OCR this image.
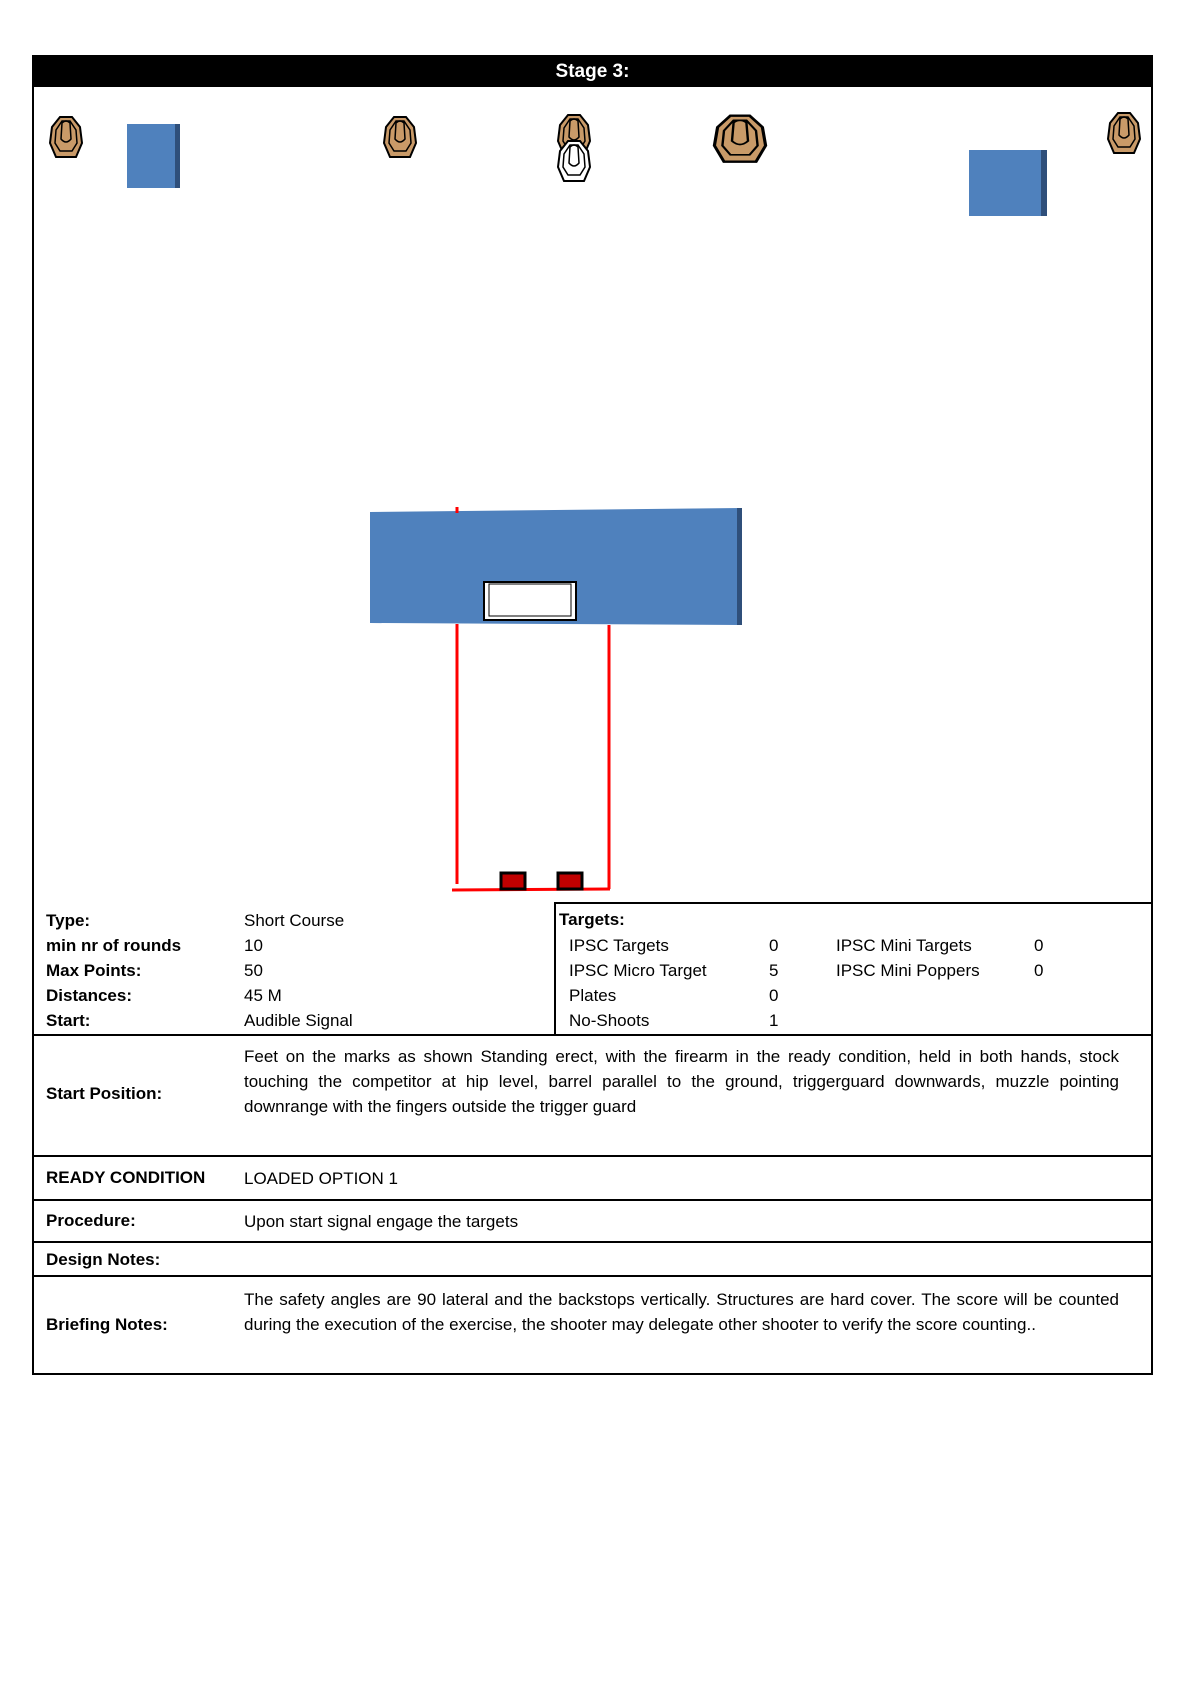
Stage 3:
Type:	Short Course
min nr of rounds	10
Max Points:	50
Distances:	45 M
Start:	Audible Signal
Targets:
IPSC Targets	0	IPSC Mini Targets	0
IPSC Micro Target	5	IPSC Mini Poppers	0
Plates	0
No-Shoots	1
Start Position:
Feet on the marks as shown Standing erect, with the firearm in the ready condition, held in both hands, stock touching the competitor at hip level, barrel parallel to the ground, triggerguard downwards, muzzle pointing downrange with the fingers outside the trigger guard
READY CONDITION LOADED OPTION 1
Procedure:	Upon start signal engage the targets
Design Notes:
Briefing Notes:
The safety angles are 90 lateral and the backstops vertically. Structures are hard cover. The score will be counted during the execution of the exercise, the shooter may delegate other shooter to verify the score counting..
